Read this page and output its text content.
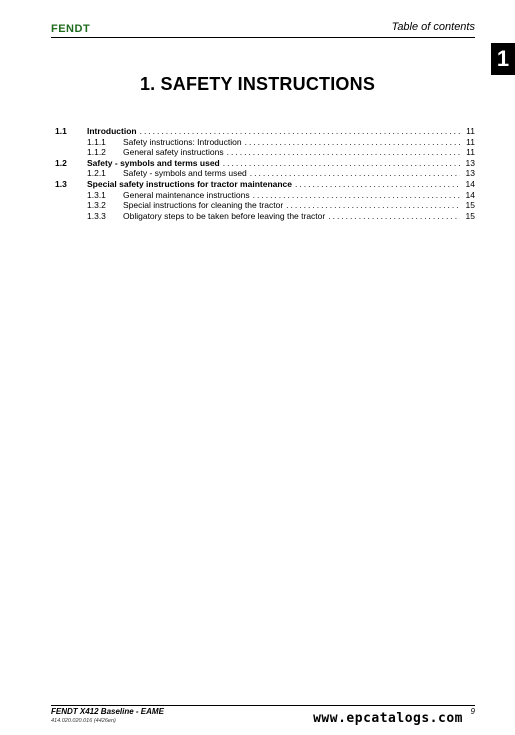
FENDT	Table of contents
1
1. SAFETY INSTRUCTIONS
1.1	Introduction .....	11
1.1.1	Safety instructions: Introduction .....	11
1.1.2	General safety instructions .....	11
1.2	Safety - symbols and terms used .....	13
1.2.1	Safety - symbols and terms used .....	13
1.3	Special safety instructions for tractor maintenance .....	14
1.3.1	General maintenance instructions .....	14
1.3.2	Special instructions for cleaning the tractor .....	15
1.3.3	Obligatory steps to be taken before leaving the tractor .....	15
FENDT X412 Baseline - EAME
414.020.020.016 (4426en)
9
www.epcatalogs.com
